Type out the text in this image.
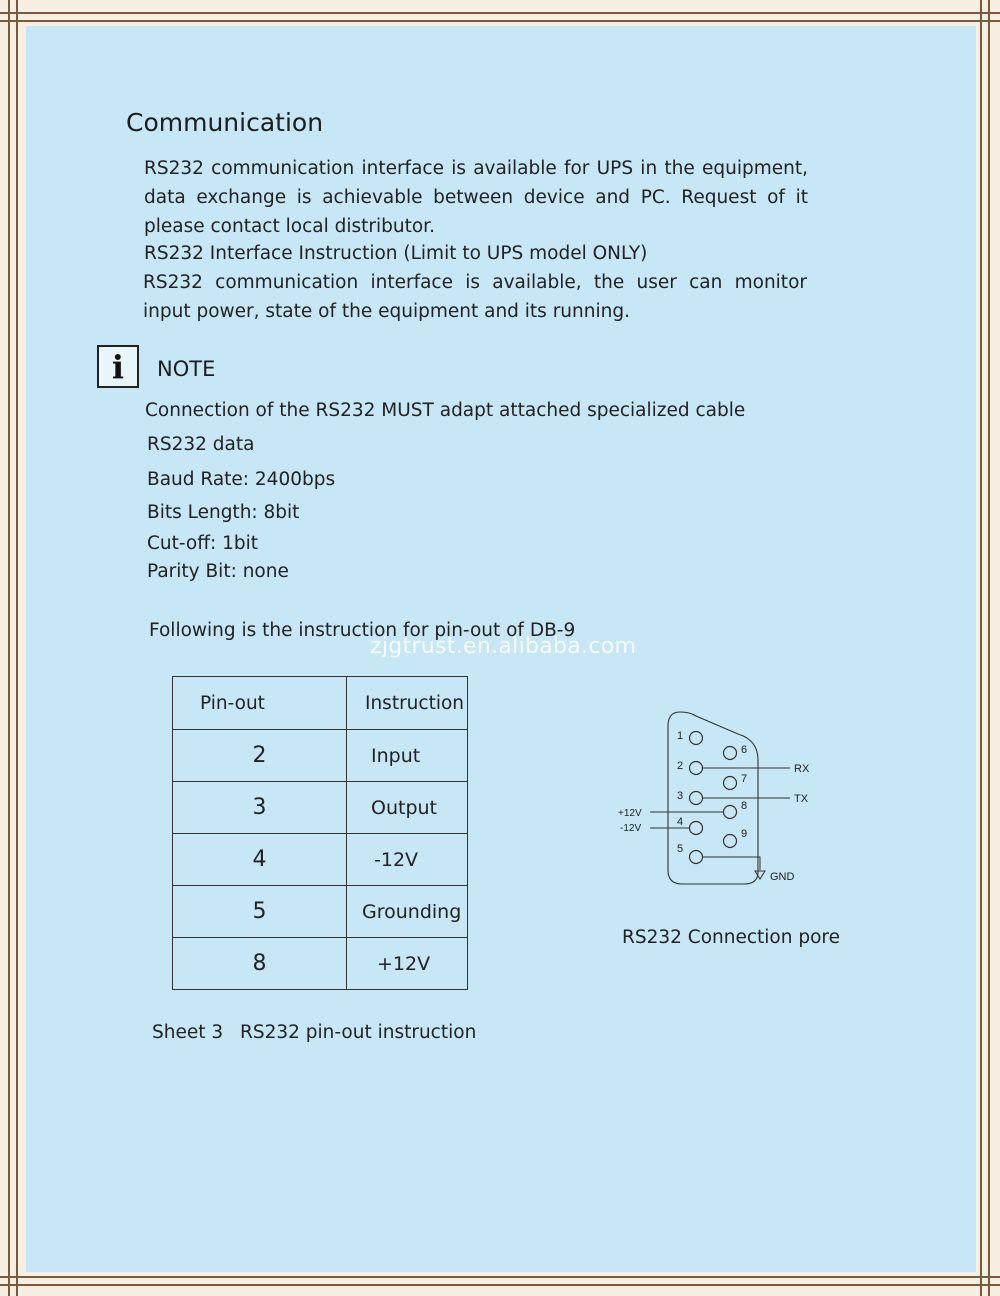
Communication
RS232 communication interface is available for UPS in the equipment, data exchange is achievable between device and PC. Request of it please contact local distributor.
RS232 Interface Instruction (Limit to UPS model ONLY)
RS232 communication interface is available, the user can monitor input power, state of the equipment and its running.
i	NOTE
Connection of the RS232 MUST adapt attached specialized cable
RS232 data
Baud Rate: 2400bps
Bits Length: 8bit
Cut-off: 1bit
Parity Bit: none
Following is the instruction for pin-out of DB-9
zjgtrust.en.alibaba.com
Pin-out	Instruction
2	Input
3	Output
4	-12V
5	Grounding
8	+12V
Sheet 3 RS232 pin-out instruction
1
2
3
4
5
6
7
8
9
RX
TX
+12V
-12V
GND
RS232 Connection pore
